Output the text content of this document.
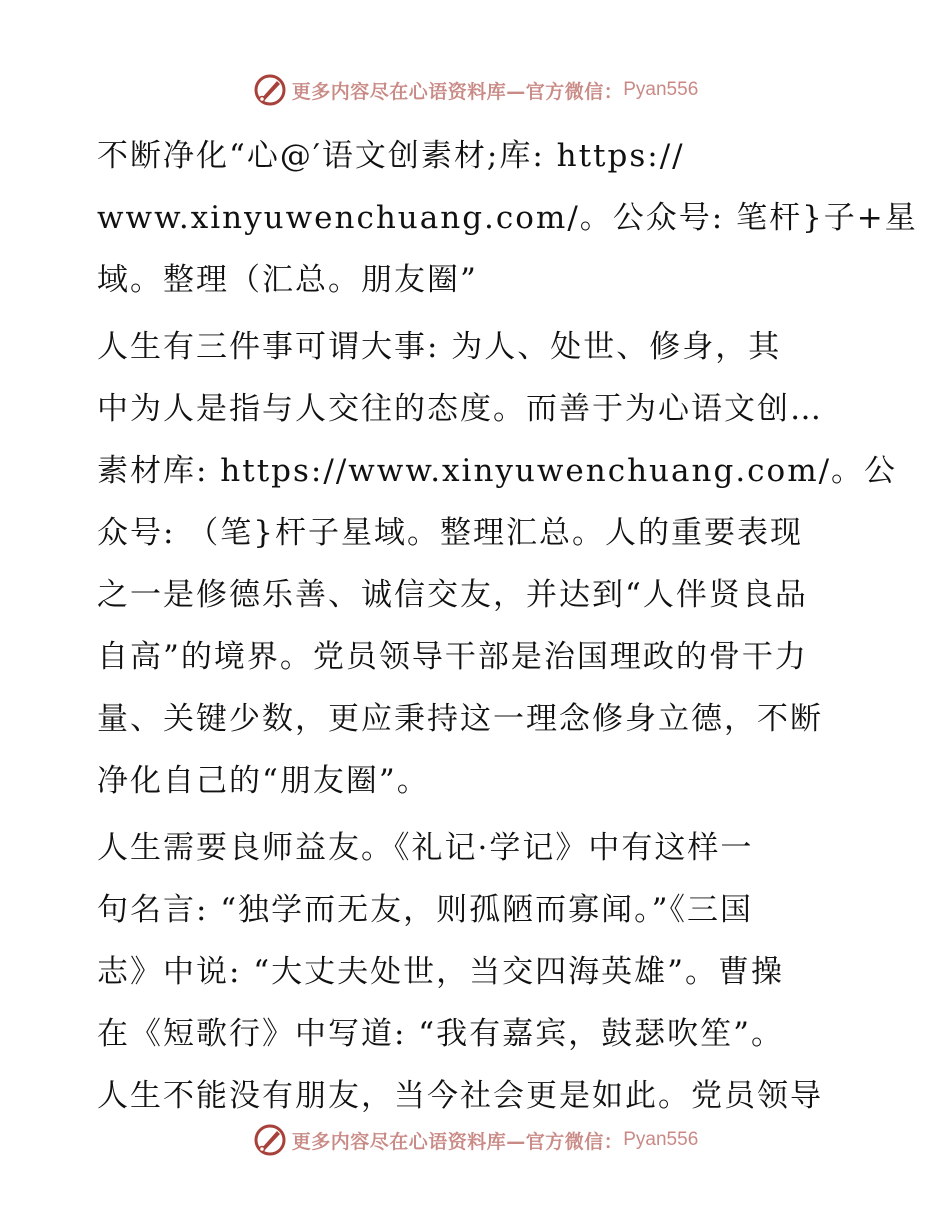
更多内容尽在心语资料库—官方微信： Pyan556
不断净化“心@′语文创素材;库: https://
www.xinyuwenchuang.com/。公众号: 笔杆}子+星
域。整理（汇总。朋友圈”
人生有三件事可谓大事: 为人、处世、修身，其
中为人是指与人交往的态度。而善于为心语文创…
素材库: https://www.xinyuwenchuang.com/。公
众号: （笔}杆子星域。整理汇总。人的重要表现
之一是修德乐善、诚信交友，并达到“人伴贤良品
自高”的境界。党员领导干部是治国理政的骨干力
量、关键少数，更应秉持这一理念修身立德，不断
净化自己的“朋友圈”。
人生需要良师益友。《礼记·学记》中有这样一
句名言: “独学而无友，则孤陋而寡闻。”《三国
志》中说: “大丈夫处世，当交四海英雄”。曹操
在《短歌行》中写道: “我有嘉宾，鼓瑟吹笙”。
人生不能没有朋友，当今社会更是如此。党员领导
更多内容尽在心语资料库—官方微信： Pyan556
